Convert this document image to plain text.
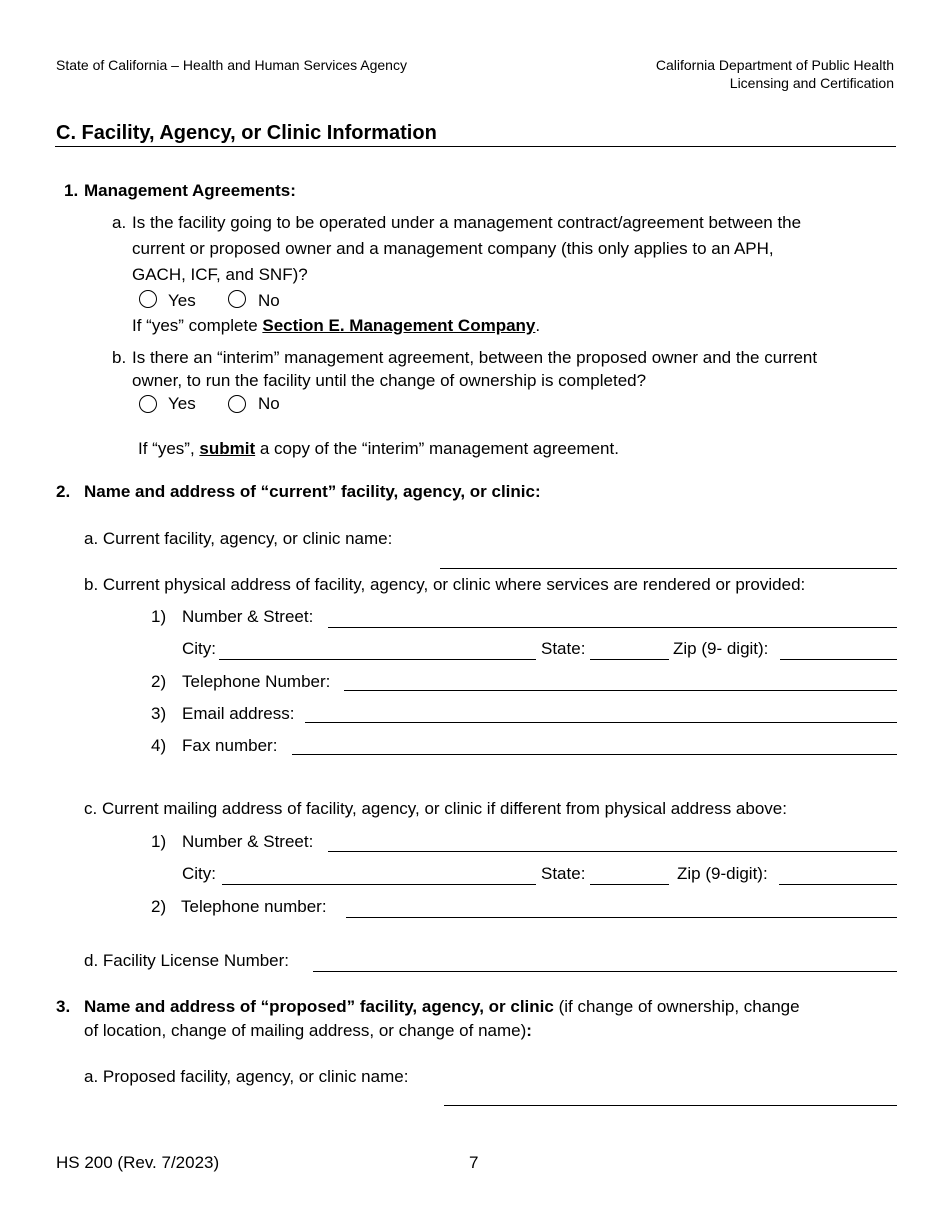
State of California – Health and Human Services Agency	California Department of Public Health
Licensing and Certification
C. Facility, Agency, or Clinic Information
1. Management Agreements:
a. Is the facility going to be operated under a management contract/agreement between the
current or proposed owner and a management company (this only applies to an APH,
GACH, ICF, and SNF)?
Yes	No
If “yes” complete Section E. Management Company.
b. Is there an “interim” management agreement, between the proposed owner and the current
owner, to run the facility until the change of ownership is completed?
Yes	No
If “yes”, submit a copy of the “interim” management agreement.
2. Name and address of “current” facility, agency, or clinic:
a. Current facility, agency, or clinic name:
b. Current physical address of facility, agency, or clinic where services are rendered or provided:
1) Number & Street:
City:	State:	Zip (9- digit):
2) Telephone Number:
3) Email address:
4) Fax number:
c. Current mailing address of facility, agency, or clinic if different from physical address above:
1) Number & Street:
City:	State:	Zip (9-digit):
2) Telephone number:
d. Facility License Number:
3. Name and address of “proposed” facility, agency, or clinic (if change of ownership, change
of location, change of mailing address, or change of name):
a. Proposed facility, agency, or clinic name:
HS 200 (Rev. 7/2023)	7
